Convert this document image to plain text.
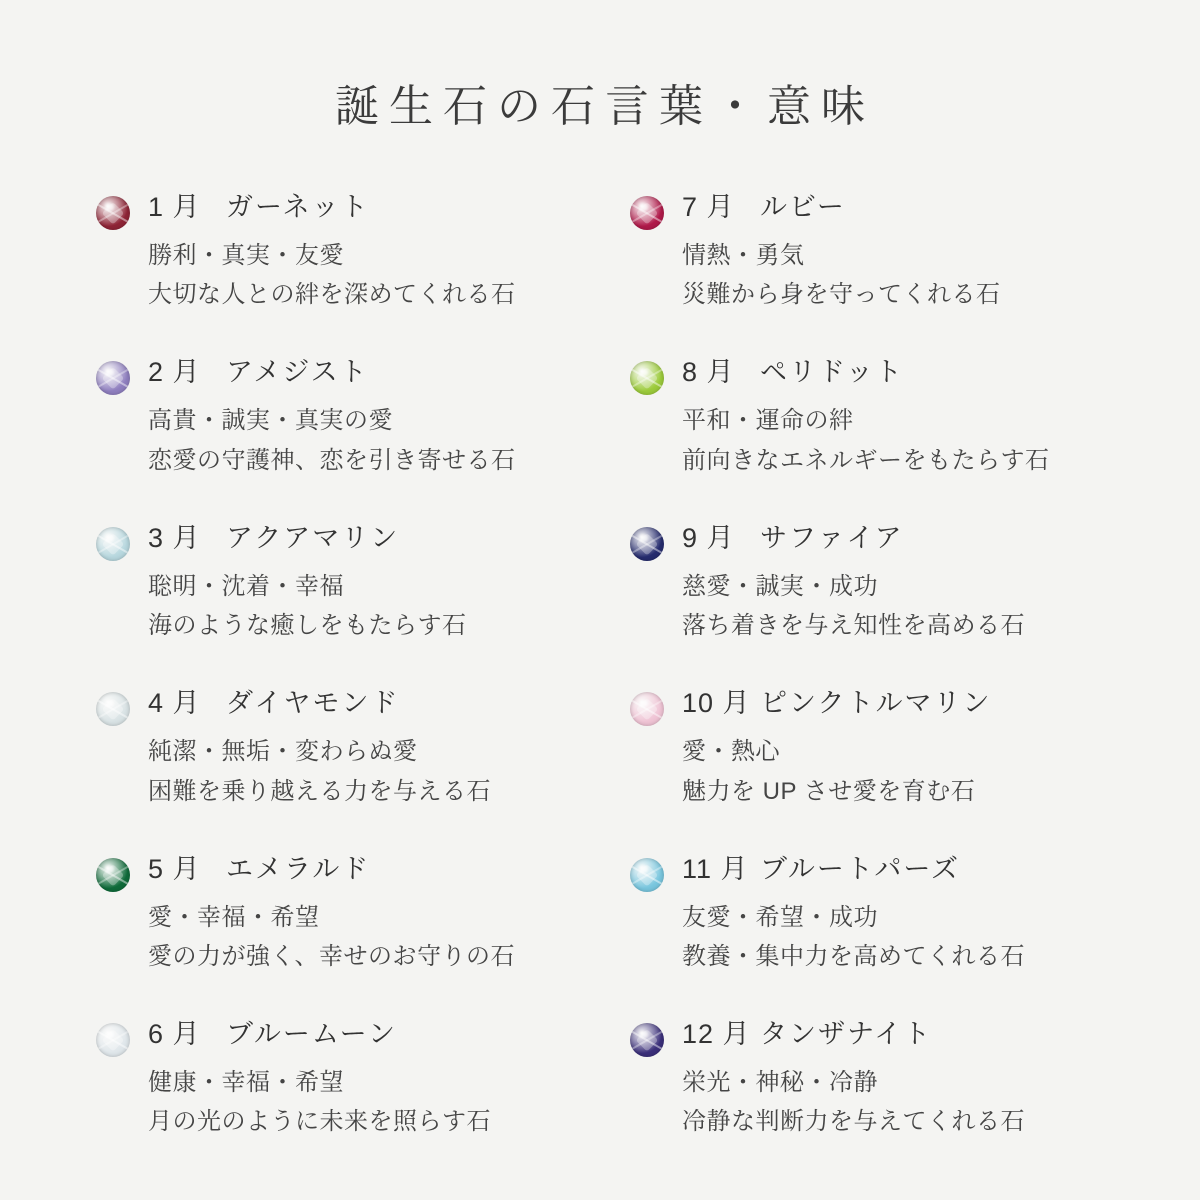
誕生石の石言葉・意味
1 月 ガーネット
勝利・真実・友愛
大切な人との絆を深めてくれる石
2 月 アメジスト
高貴・誠実・真実の愛
恋愛の守護神、恋を引き寄せる石
3 月 アクアマリン
聡明・沈着・幸福
海のような癒しをもたらす石
4 月 ダイヤモンド
純潔・無垢・変わらぬ愛
困難を乗り越える力を与える石
5 月 エメラルド
愛・幸福・希望
愛の力が強く、幸せのお守りの石
6 月 ブルームーン
健康・幸福・希望
月の光のように未来を照らす石
7 月 ルビー
情熱・勇気
災難から身を守ってくれる石
8 月 ペリドット
平和・運命の絆
前向きなエネルギーをもたらす石
9 月 サファイア
慈愛・誠実・成功
落ち着きを与え知性を高める石
10 月 ピンクトルマリン
愛・熱心
魅力を UP させ愛を育む石
11 月 ブルートパーズ
友愛・希望・成功
教養・集中力を高めてくれる石
12 月 タンザナイト
栄光・神秘・冷静
冷静な判断力を与えてくれる石
